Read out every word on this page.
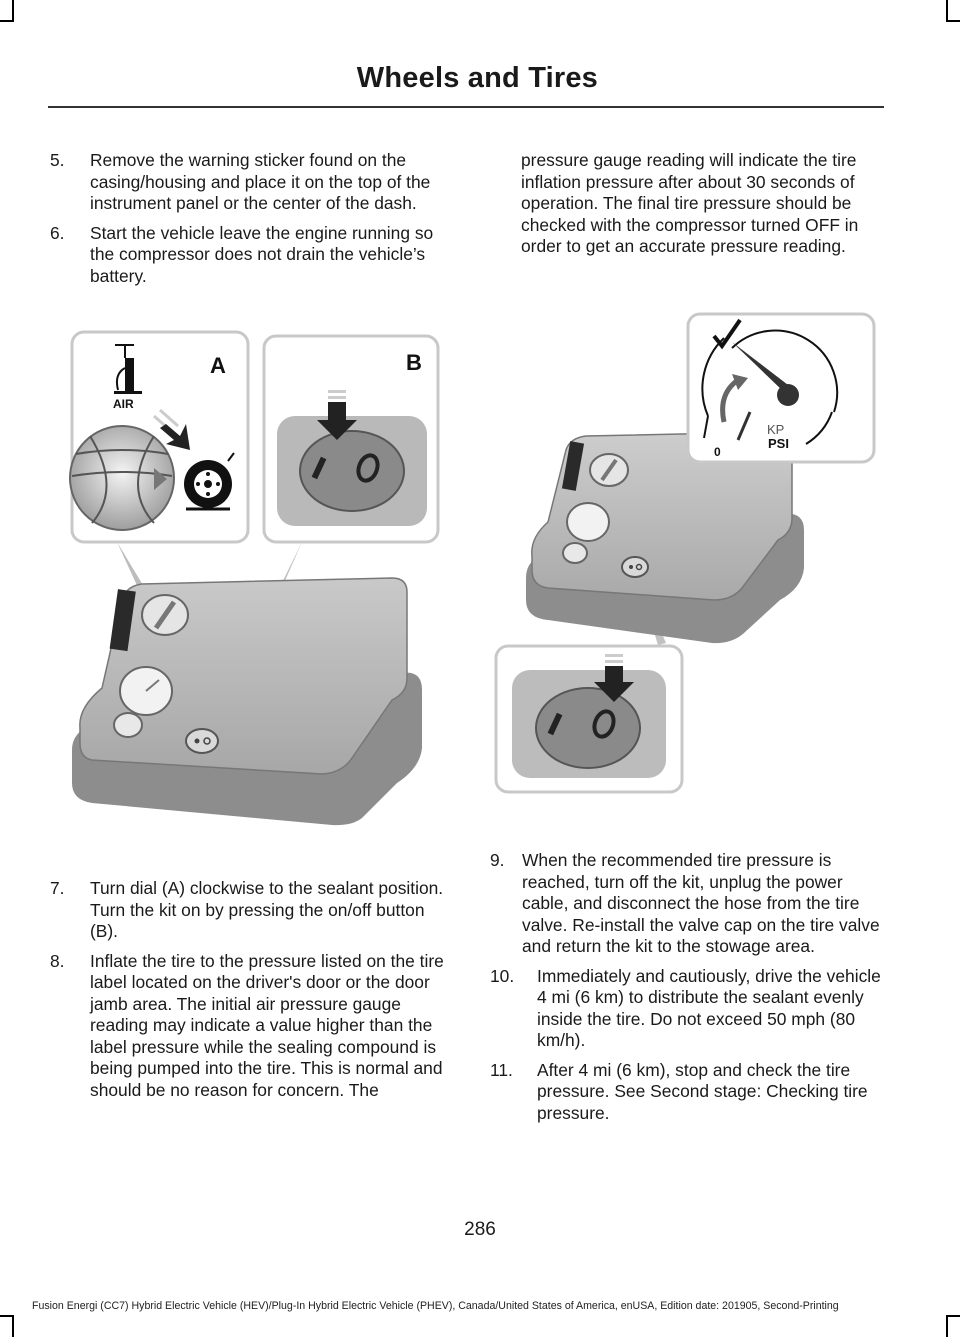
Wheels and Tires
5. Remove the warning sticker found on the casing/housing and place it on the top of the instrument panel or the center of the dash.
6. Start the vehicle leave the engine running so the compressor does not drain the vehicle’s battery.

pressure gauge reading will indicate the tire inflation pressure after about 30 seconds of operation. The final tire pressure should be checked with the compressor turned OFF in order to get an accurate pressure reading.

A
AIR
B
KP
PSI
0
7. Turn dial (A) clockwise to the sealant position. Turn the kit on by pressing the on/off button (B).
8. Inflate the tire to the pressure listed on the tire label located on the driver's door or the door jamb area. The initial air pressure gauge reading may indicate a value higher than the label pressure while the sealing compound is being pumped into the tire. This is normal and should be no reason for concern. The
9. When the recommended tire pressure is reached, turn off the kit, unplug the power cable, and disconnect the hose from the tire valve. Re-install the valve cap on the tire valve and return the kit to the stowage area.
10. Immediately and cautiously, drive the vehicle 4 mi (6 km) to distribute the sealant evenly inside the tire. Do not exceed 50 mph (80 km/h).
11. After 4 mi (6 km), stop and check the tire pressure. See Second stage: Checking tire pressure.
286
Fusion Energi (CC7) Hybrid Electric Vehicle (HEV)/Plug-In Hybrid Electric Vehicle (PHEV), Canada/United States of America, enUSA, Edition date: 201905, Second-Printing
